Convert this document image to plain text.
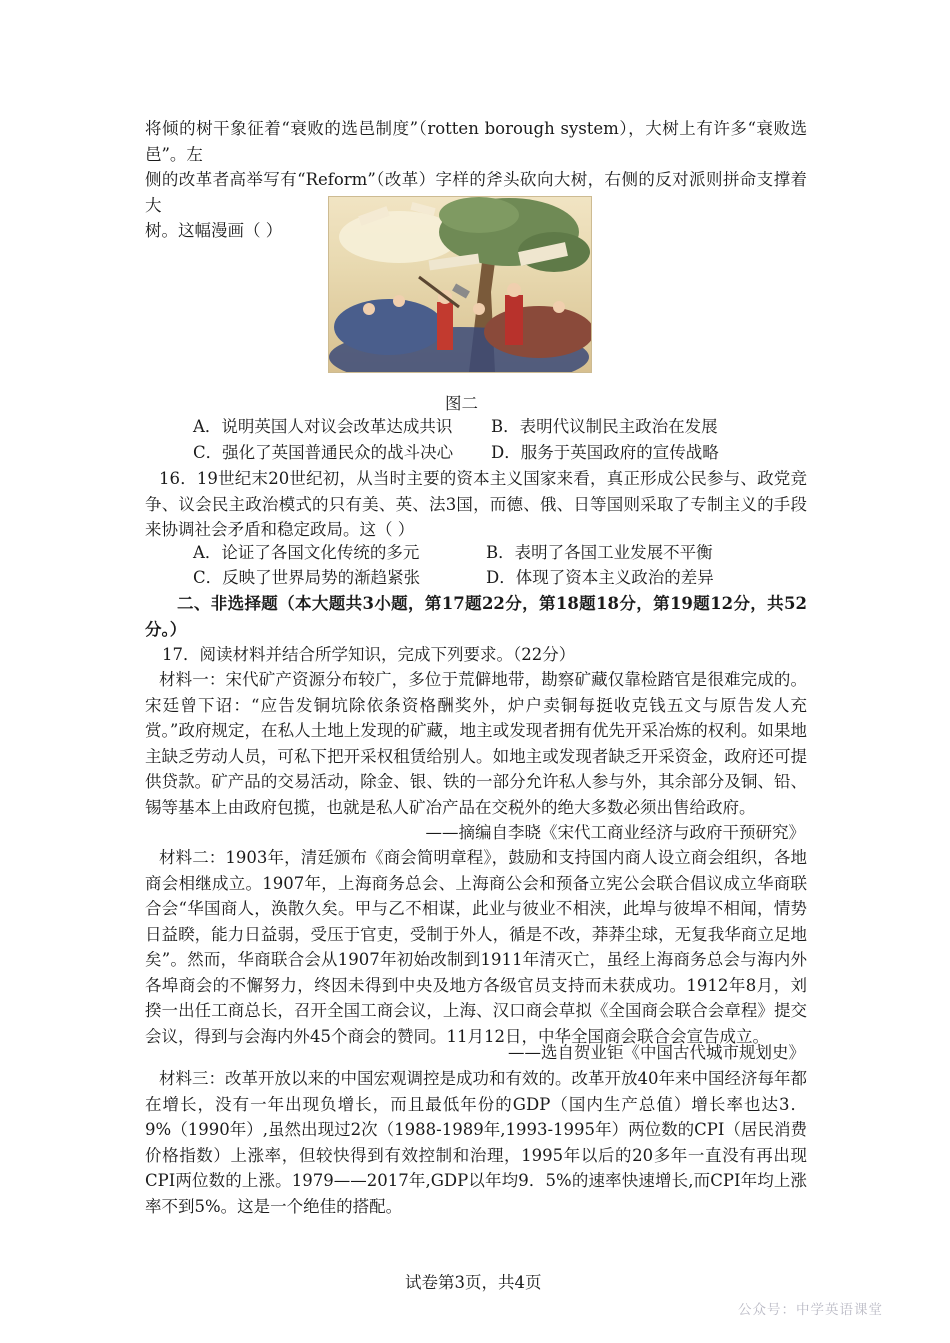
将倾的树干象征着“衰败的选邑制度”（rotten borough system），大树上有许多“衰败选邑”。左
侧的改革者高举写有“Reform”（改革）字样的斧头砍向大树，右侧的反对派则拼命支撑着大
树。这幅漫画（ ）

图二
A．说明英国人对议会改革达成共识 B．表明代议制民主政治在发展
C．强化了英国普通民众的战斗决心 D．服务于英国政府的宣传战略

16．19世纪末20世纪初，从当时主要的资本主义国家来看，真正形成公民参与、政党竞争、议会民主政治模式的只有美、英、法3国，而德、俄、日等国则采取了专制主义的手段来协调社会矛盾和稳定政局。这（ ）

A．论证了各国文化传统的多元	B．表明了各国工业发展不平衡
C．反映了世界局势的渐趋紧张	D．体现了资本主义政治的差异

二、非选择题（本大题共3小题，第17题22分，第18题18分，第19题12分，共52分。）

17．阅读材料并结合所学知识，完成下列要求。（22分）

材料一：宋代矿产资源分布较广，多位于荒僻地带，勘察矿藏仅靠检踏官是很难完成的。宋廷曾下诏：“应告发铜坑除依条资格酬奖外，炉户卖铜每挺收克钱五文与原告发人充赏。”政府规定，在私人土地上发现的矿藏，地主或发现者拥有优先开采冶炼的权利。如果地主缺乏劳动人员，可私下把开采权租赁给别人。如地主或发现者缺乏开采资金，政府还可提供贷款。矿产品的交易活动，除金、银、铁的一部分允许私人参与外，其余部分及铜、铅、锡等基本上由政府包揽，也就是私人矿冶产品在交税外的绝大多数必须出售给政府。

——摘编自李晓《宋代工商业经济与政府干预研究》

材料二：1903年，清廷颁布《商会简明章程》，鼓励和支持国内商人设立商会组织，各地商会相继成立。1907年，上海商务总会、上海商公会和预备立宪公会联合倡议成立华商联合会“华国商人，涣散久矣。甲与乙不相谋，此业与彼业不相浃，此埠与彼埠不相闻，情势日益睽，能力日益弱，受压于官吏，受制于外人，循是不改，莽莽尘球，无复我华商立足地矣”。然而，华商联合会从1907年初始改制到1911年清灭亡，虽经上海商务总会与海内外各埠商会的不懈努力，终因未得到中央及地方各级官员支持而未获成功。1912年8月，刘揆一出任工商总长，召开全国工商会议，上海、汉口商会草拟《全国商会联合会章程》提交会议，得到与会海内外45个商会的赞同。11月12日，中华全国商会联合会宣告成立。

——选自贺业钜《中国古代城市规划史》

材料三：改革开放以来的中国宏观调控是成功和有效的。改革开放40年来中国经济每年都在增长，没有一年出现负增长，而且最低年份的GDP（国内生产总值）增长率也达3．9%（1990年）,虽然出现过2次（1988-1989年,1993-1995年）两位数的CPI（居民消费价格指数）上涨率，但较快得到有效控制和治理，1995年以后的20多年一直没有再出现CPI两位数的上涨。1979——2017年,GDP以年均9．5%的速率快速增长,而CPI年均上涨率不到5%。这是一个绝佳的搭配。

试卷第3页，共4页
公众号：中学英语课堂
